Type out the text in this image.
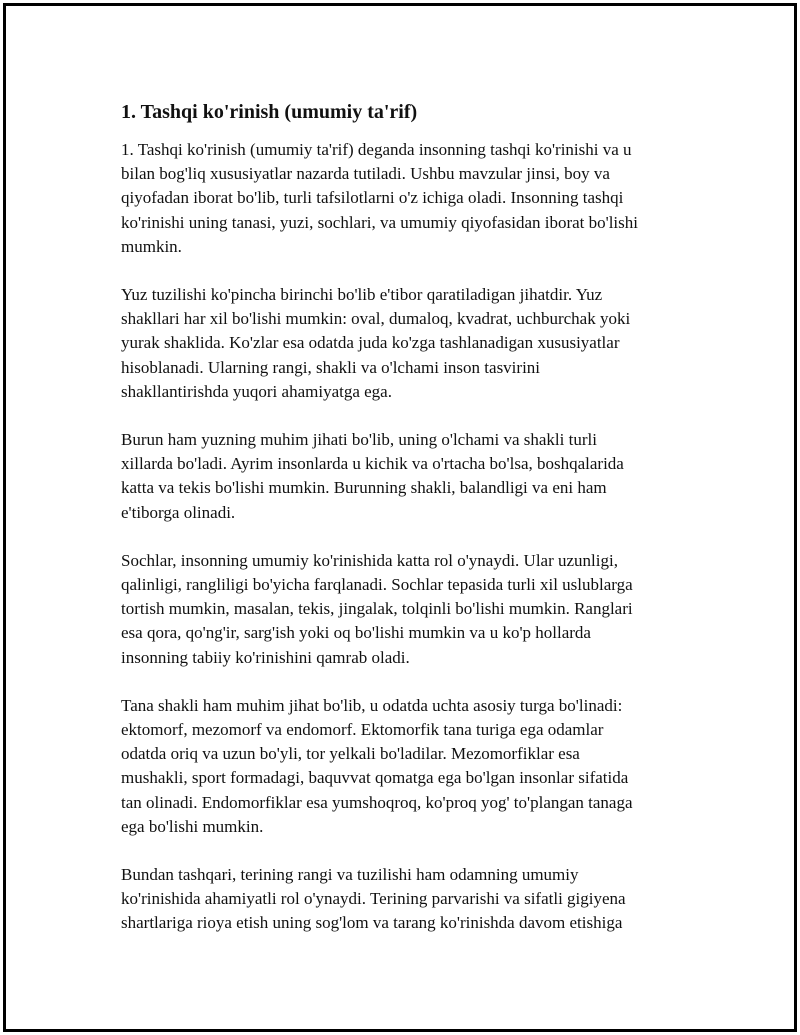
1. Tashqi ko'rinish (umumiy ta'rif)

1. Tashqi ko'rinish (umumiy ta'rif) deganda insonning tashqi ko'rinishi va u
bilan bog'liq xususiyatlar nazarda tutiladi. Ushbu mavzular jinsi, boy va
qiyofadan iborat bo'lib, turli tafsilotlarni o'z ichiga oladi. Insonning tashqi
ko'rinishi uning tanasi, yuzi, sochlari, va umumiy qiyofasidan iborat bo'lishi
mumkin.

Yuz tuzilishi ko'pincha birinchi bo'lib e'tibor qaratiladigan jihatdir. Yuz
shakllari har xil bo'lishi mumkin: oval, dumaloq, kvadrat, uchburchak yoki
yurak shaklida. Ko'zlar esa odatda juda ko'zga tashlanadigan xususiyatlar
hisoblanadi. Ularning rangi, shakli va o'lchami inson tasvirini
shakllantirishda yuqori ahamiyatga ega.

Burun ham yuzning muhim jihati bo'lib, uning o'lchami va shakli turli
xillarda bo'ladi. Ayrim insonlarda u kichik va o'rtacha bo'lsa, boshqalarida
katta va tekis bo'lishi mumkin. Burunning shakli, balandligi va eni ham
e'tiborga olinadi.

Sochlar, insonning umumiy ko'rinishida katta rol o'ynaydi. Ular uzunligi,
qalinligi, rangliligi bo'yicha farqlanadi. Sochlar tepasida turli xil uslublarga
tortish mumkin, masalan, tekis, jingalak, tolqinli bo'lishi mumkin. Ranglari
esa qora, qo'ng'ir, sarg'ish yoki oq bo'lishi mumkin va u ko'p hollarda
insonning tabiiy ko'rinishini qamrab oladi.

Tana shakli ham muhim jihat bo'lib, u odatda uchta asosiy turga bo'linadi:
ektomorf, mezomorf va endomorf. Ektomorfik tana turiga ega odamlar
odatda oriq va uzun bo'yli, tor yelkali bo'ladilar. Mezomorfiklar esa
mushakli, sport formadagi, baquvvat qomatga ega bo'lgan insonlar sifatida
tan olinadi. Endomorfiklar esa yumshoqroq, ko'proq yog' to'plangan tanaga
ega bo'lishi mumkin.

Bundan tashqari, terining rangi va tuzilishi ham odamning umumiy
ko'rinishida ahamiyatli rol o'ynaydi. Terining parvarishi va sifatli gigiyena
shartlariga rioya etish uning sog'lom va tarang ko'rinishda davom etishiga
